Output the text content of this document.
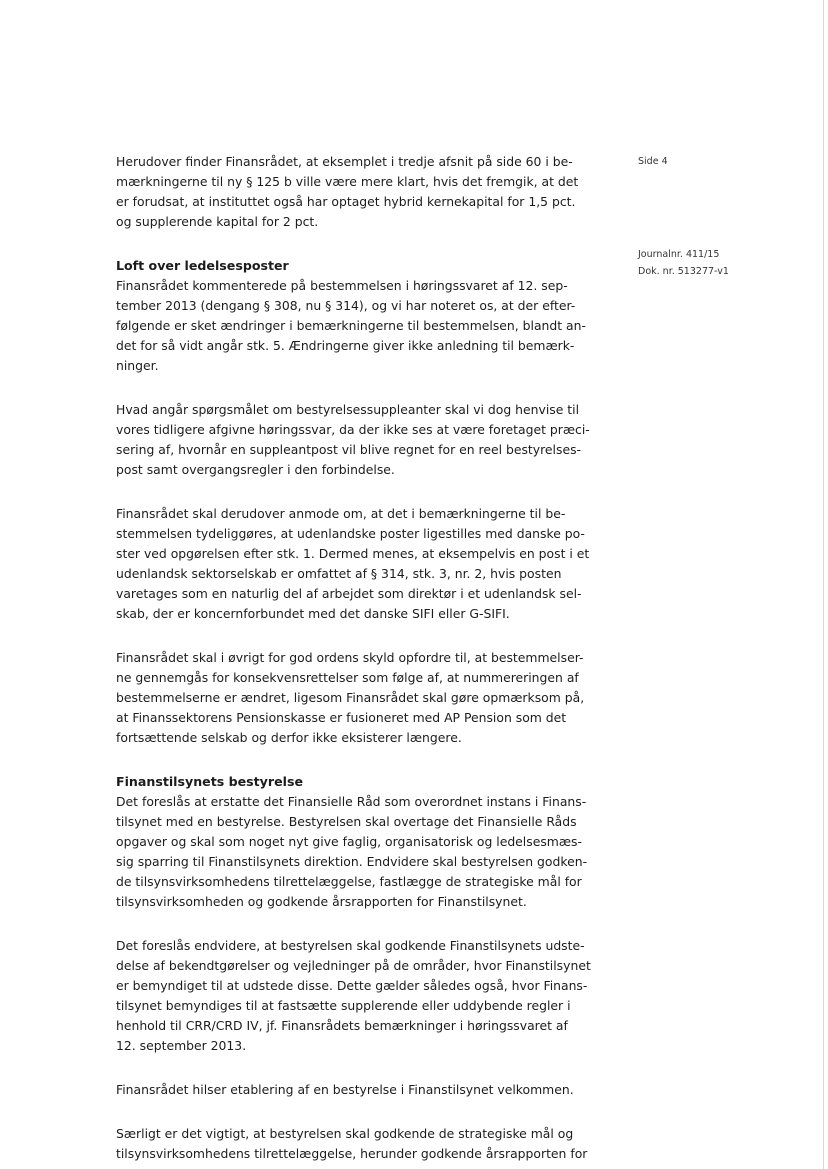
Side 4
Journalnr. 411/15
Dok. nr. 513277-v1
Herudover finder Finansrådet, at eksemplet i tredje afsnit på side 60 i be-
mærkningerne til ny § 125 b ville være mere klart, hvis det fremgik, at det
er forudsat, at instituttet også har optaget hybrid kernekapital for 1,5 pct.
og supplerende kapital for 2 pct.
Loft over ledelsesposter
Finansrådet kommenterede på bestemmelsen i høringssvaret af 12. sep-
tember 2013 (dengang § 308, nu § 314), og vi har noteret os, at der efter-
følgende er sket ændringer i bemærkningerne til bestemmelsen, blandt an-
det for så vidt angår stk. 5. Ændringerne giver ikke anledning til bemærk-
ninger.
Hvad angår spørgsmålet om bestyrelsessuppleanter skal vi dog henvise til
vores tidligere afgivne høringssvar, da der ikke ses at være foretaget præci-
sering af, hvornår en suppleantpost vil blive regnet for en reel bestyrelses-
post samt overgangsregler i den forbindelse.
Finansrådet skal derudover anmode om, at det i bemærkningerne til be-
stemmelsen tydeliggøres, at udenlandske poster ligestilles med danske po-
ster ved opgørelsen efter stk. 1. Dermed menes, at eksempelvis en post i et
udenlandsk sektorselskab er omfattet af § 314, stk. 3, nr. 2, hvis posten
varetages som en naturlig del af arbejdet som direktør i et udenlandsk sel-
skab, der er koncernforbundet med det danske SIFI eller G-SIFI.
Finansrådet skal i øvrigt for god ordens skyld opfordre til, at bestemmelser-
ne gennemgås for konsekvensrettelser som følge af, at nummereringen af
bestemmelserne er ændret, ligesom Finansrådet skal gøre opmærksom på,
at Finanssektorens Pensionskasse er fusioneret med AP Pension som det
fortsættende selskab og derfor ikke eksisterer længere.
Finanstilsynets bestyrelse
Det foreslås at erstatte det Finansielle Råd som overordnet instans i Finans-
tilsynet med en bestyrelse. Bestyrelsen skal overtage det Finansielle Råds
opgaver og skal som noget nyt give faglig, organisatorisk og ledelsesmæs-
sig sparring til Finanstilsynets direktion. Endvidere skal bestyrelsen godken-
de tilsynsvirksomhedens tilrettelæggelse, fastlægge de strategiske mål for
tilsynsvirksomheden og godkende årsrapporten for Finanstilsynet.
Det foreslås endvidere, at bestyrelsen skal godkende Finanstilsynets udste-
delse af bekendtgørelser og vejledninger på de områder, hvor Finanstilsynet
er bemyndiget til at udstede disse. Dette gælder således også, hvor Finans-
tilsynet bemyndiges til at fastsætte supplerende eller uddybende regler i
henhold til CRR/CRD IV, jf. Finansrådets bemærkninger i høringssvaret af
12. september 2013.
Finansrådet hilser etablering af en bestyrelse i Finanstilsynet velkommen.
Særligt er det vigtigt, at bestyrelsen skal godkende de strategiske mål og
tilsynsvirksomhedens tilrettelæggelse, herunder godkende årsrapporten for
